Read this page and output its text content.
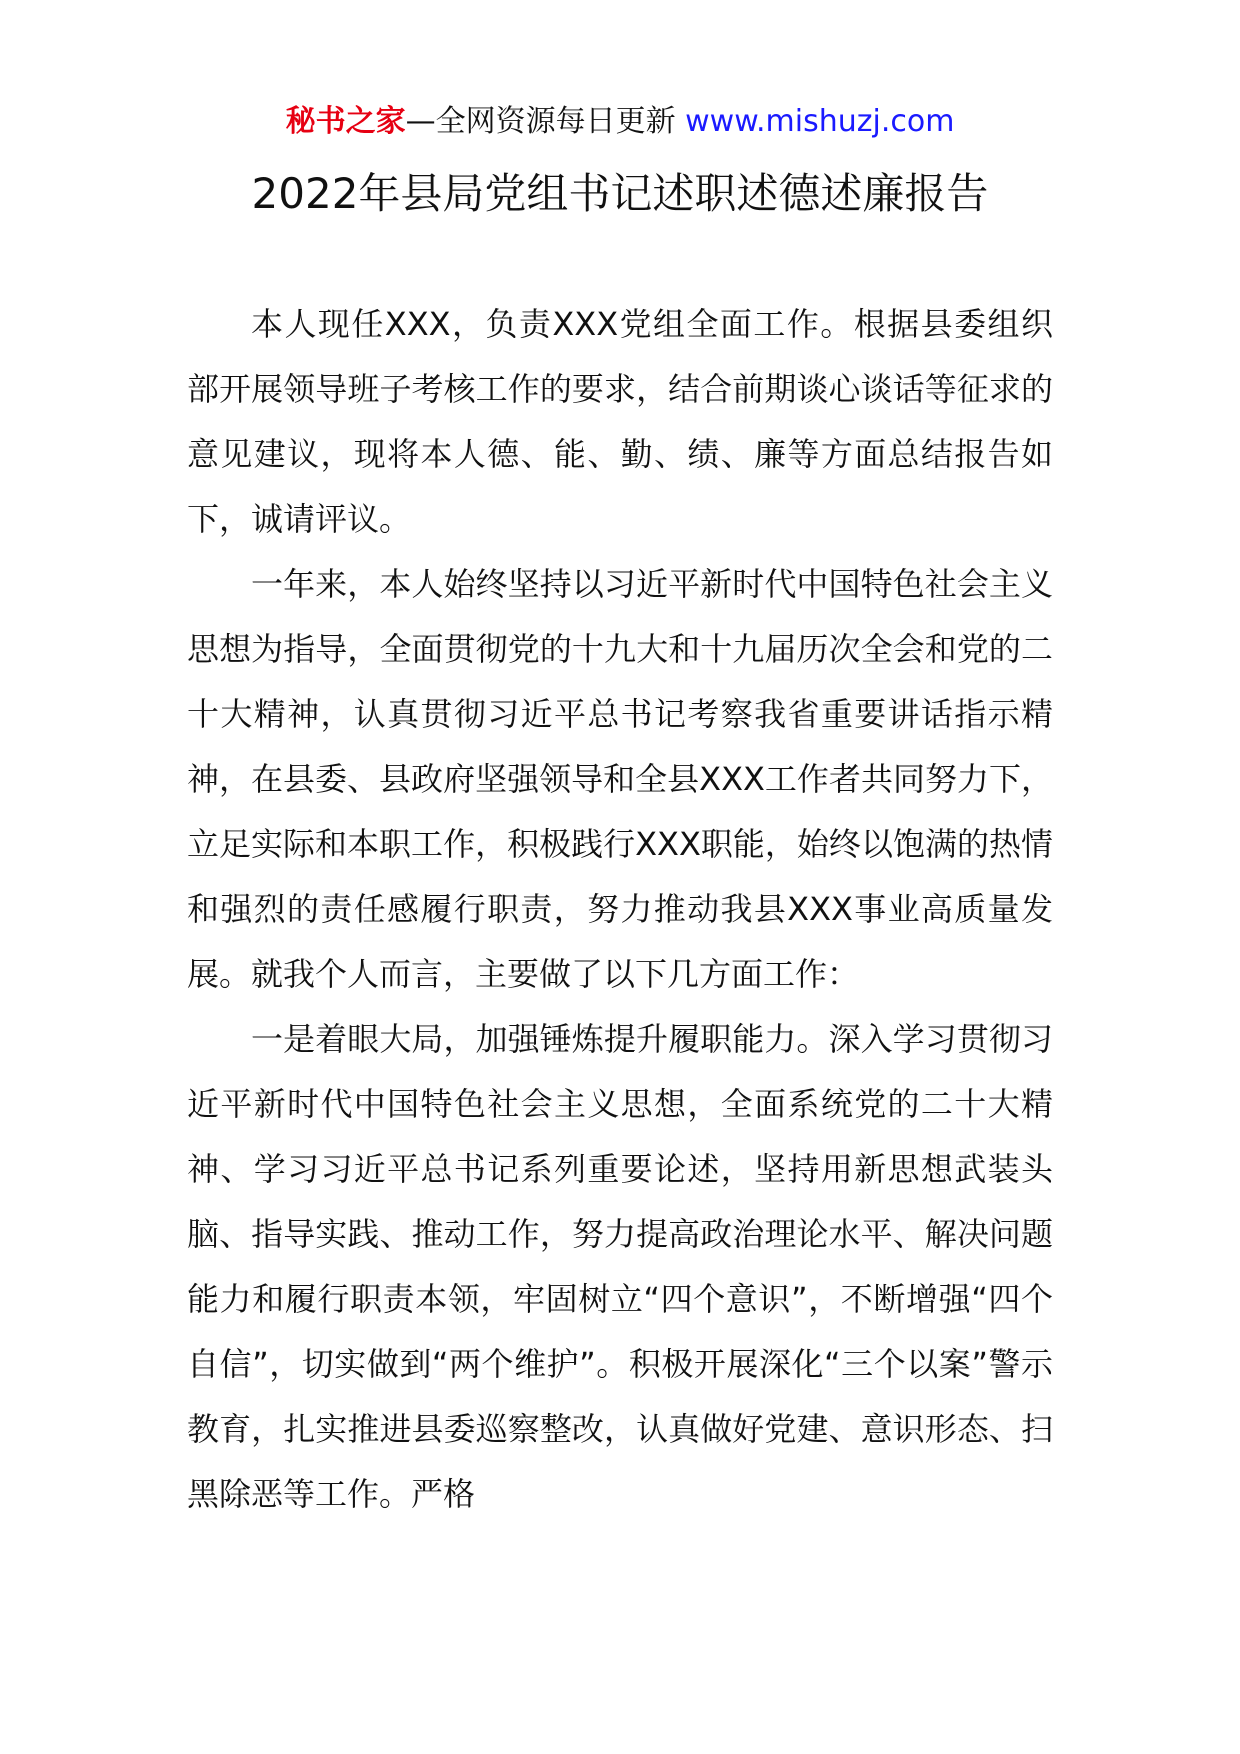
秘书之家—全网资源每日更新 www.mishuzj.com
2022年县局党组书记述职述德述廉报告

本人现任XXX，负责XXX党组全面工作。根据县委组织部开展领导班子考核工作的要求，结合前期谈心谈话等征求的意见建议，现将本人德、能、勤、绩、廉等方面总结报告如下，诚请评议。

一年来，本人始终坚持以习近平新时代中国特色社会主义思想为指导，全面贯彻党的十九大和十九届历次全会和党的二十大精神，认真贯彻习近平总书记考察我省重要讲话指示精神，在县委、县政府坚强领导和全县XXX工作者共同努力下，立足实际和本职工作，积极践行XXX职能，始终以饱满的热情和强烈的责任感履行职责，努力推动我县XXX事业高质量发展。就我个人而言，主要做了以下几方面工作：

一是着眼大局，加强锤炼提升履职能力。深入学习贯彻习近平新时代中国特色社会主义思想，全面系统党的二十大精神、学习习近平总书记系列重要论述，坚持用新思想武装头脑、指导实践、推动工作，努力提高政治理论水平、解决问题能力和履行职责本领，牢固树立“四个意识”，不断增强“四个自信”，切实做到“两个维护”。积极开展深化“三个以案”警示教育，扎实推进县委巡察整改，认真做好党建、意识形态、扫黑除恶等工作。严格
